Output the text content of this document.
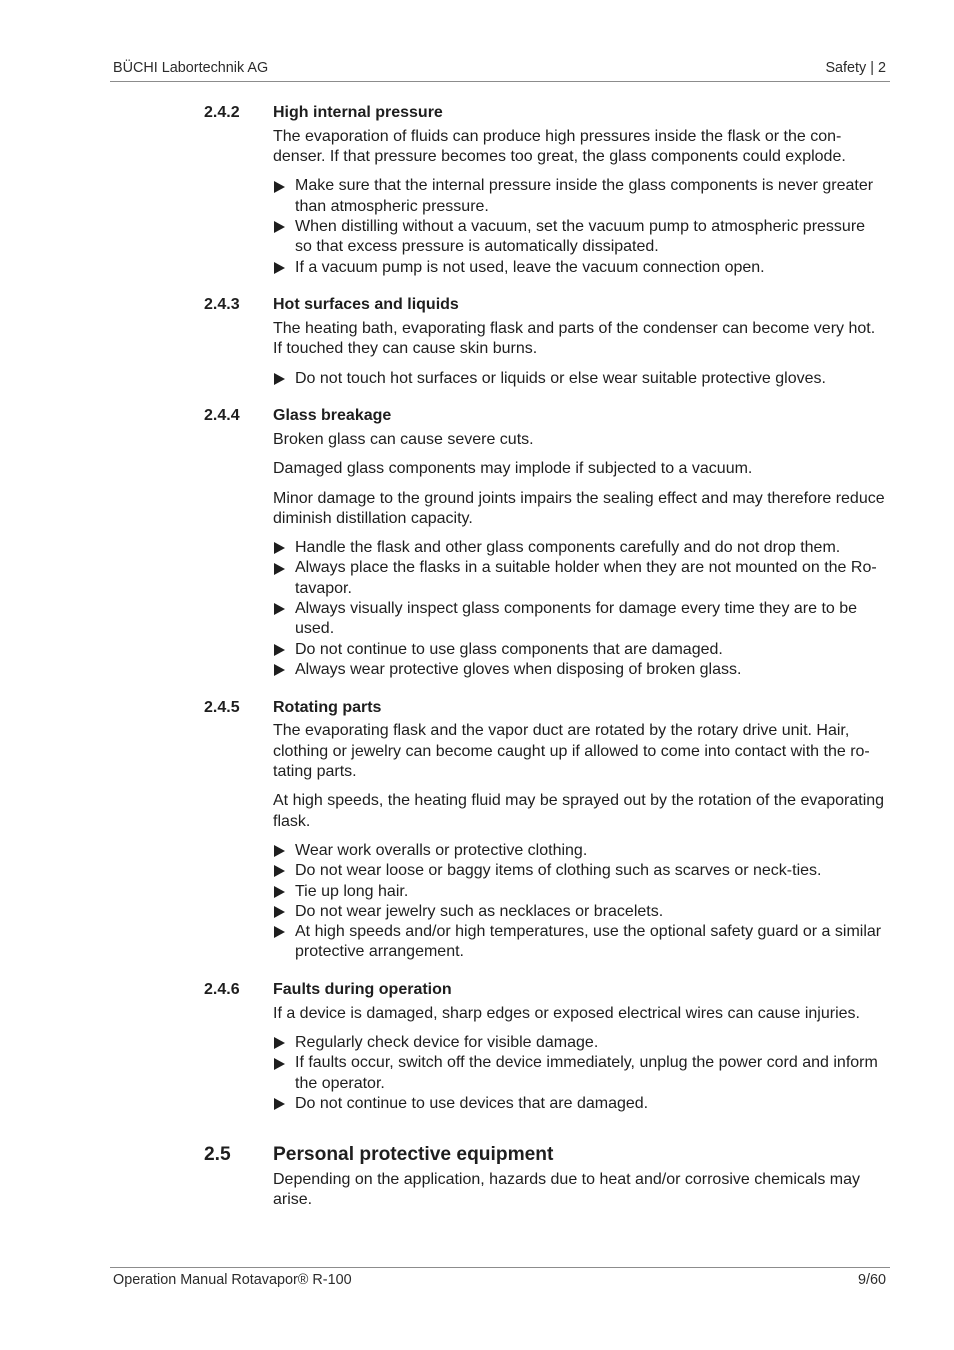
BÜCHI Labortechnik AG	Safety | 2
2.4.2 High internal pressure

The evaporation of fluids can produce high pressures inside the flask or the con-
denser. If that pressure becomes too great, the glass components could explode.

Make sure that the internal pressure inside the glass components is never greater
than atmospheric pressure.
When distilling without a vacuum, set the vacuum pump to atmospheric pressure
so that excess pressure is automatically dissipated.
If a vacuum pump is not used, leave the vacuum connection open.
2.4.3 Hot surfaces and liquids

The heating bath, evaporating flask and parts of the condenser can become very hot.
If touched they can cause skin burns.

Do not touch hot surfaces or liquids or else wear suitable protective gloves.
2.4.4 Glass breakage

Broken glass can cause severe cuts.

Damaged glass components may implode if subjected to a vacuum.

Minor damage to the ground joints impairs the sealing effect and may therefore reduce
diminish distillation capacity.

Handle the flask and other glass components carefully and do not drop them.
Always place the flasks in a suitable holder when they are not mounted on the Ro-
tavapor.
Always visually inspect glass components for damage every time they are to be
used.
Do not continue to use glass components that are damaged.
Always wear protective gloves when disposing of broken glass.
2.4.5 Rotating parts

The evaporating flask and the vapor duct are rotated by the rotary drive unit. Hair,
clothing or jewelry can become caught up if allowed to come into contact with the ro-
tating parts.

At high speeds, the heating fluid may be sprayed out by the rotation of the evaporating
flask.

Wear work overalls or protective clothing.
Do not wear loose or baggy items of clothing such as scarves or neck-ties.
Tie up long hair.
Do not wear jewelry such as necklaces or bracelets.
At high speeds and/or high temperatures, use the optional safety guard or a similar
protective arrangement.
2.4.6 Faults during operation

If a device is damaged, sharp edges or exposed electrical wires can cause injuries.

Regularly check device for visible damage.
If faults occur, switch off the device immediately, unplug the power cord and inform
the operator.
Do not continue to use devices that are damaged.
2.5 Personal protective equipment

Depending on the application, hazards due to heat and/or corrosive chemicals may
arise.

Operation Manual Rotavapor® R-100	9/60
